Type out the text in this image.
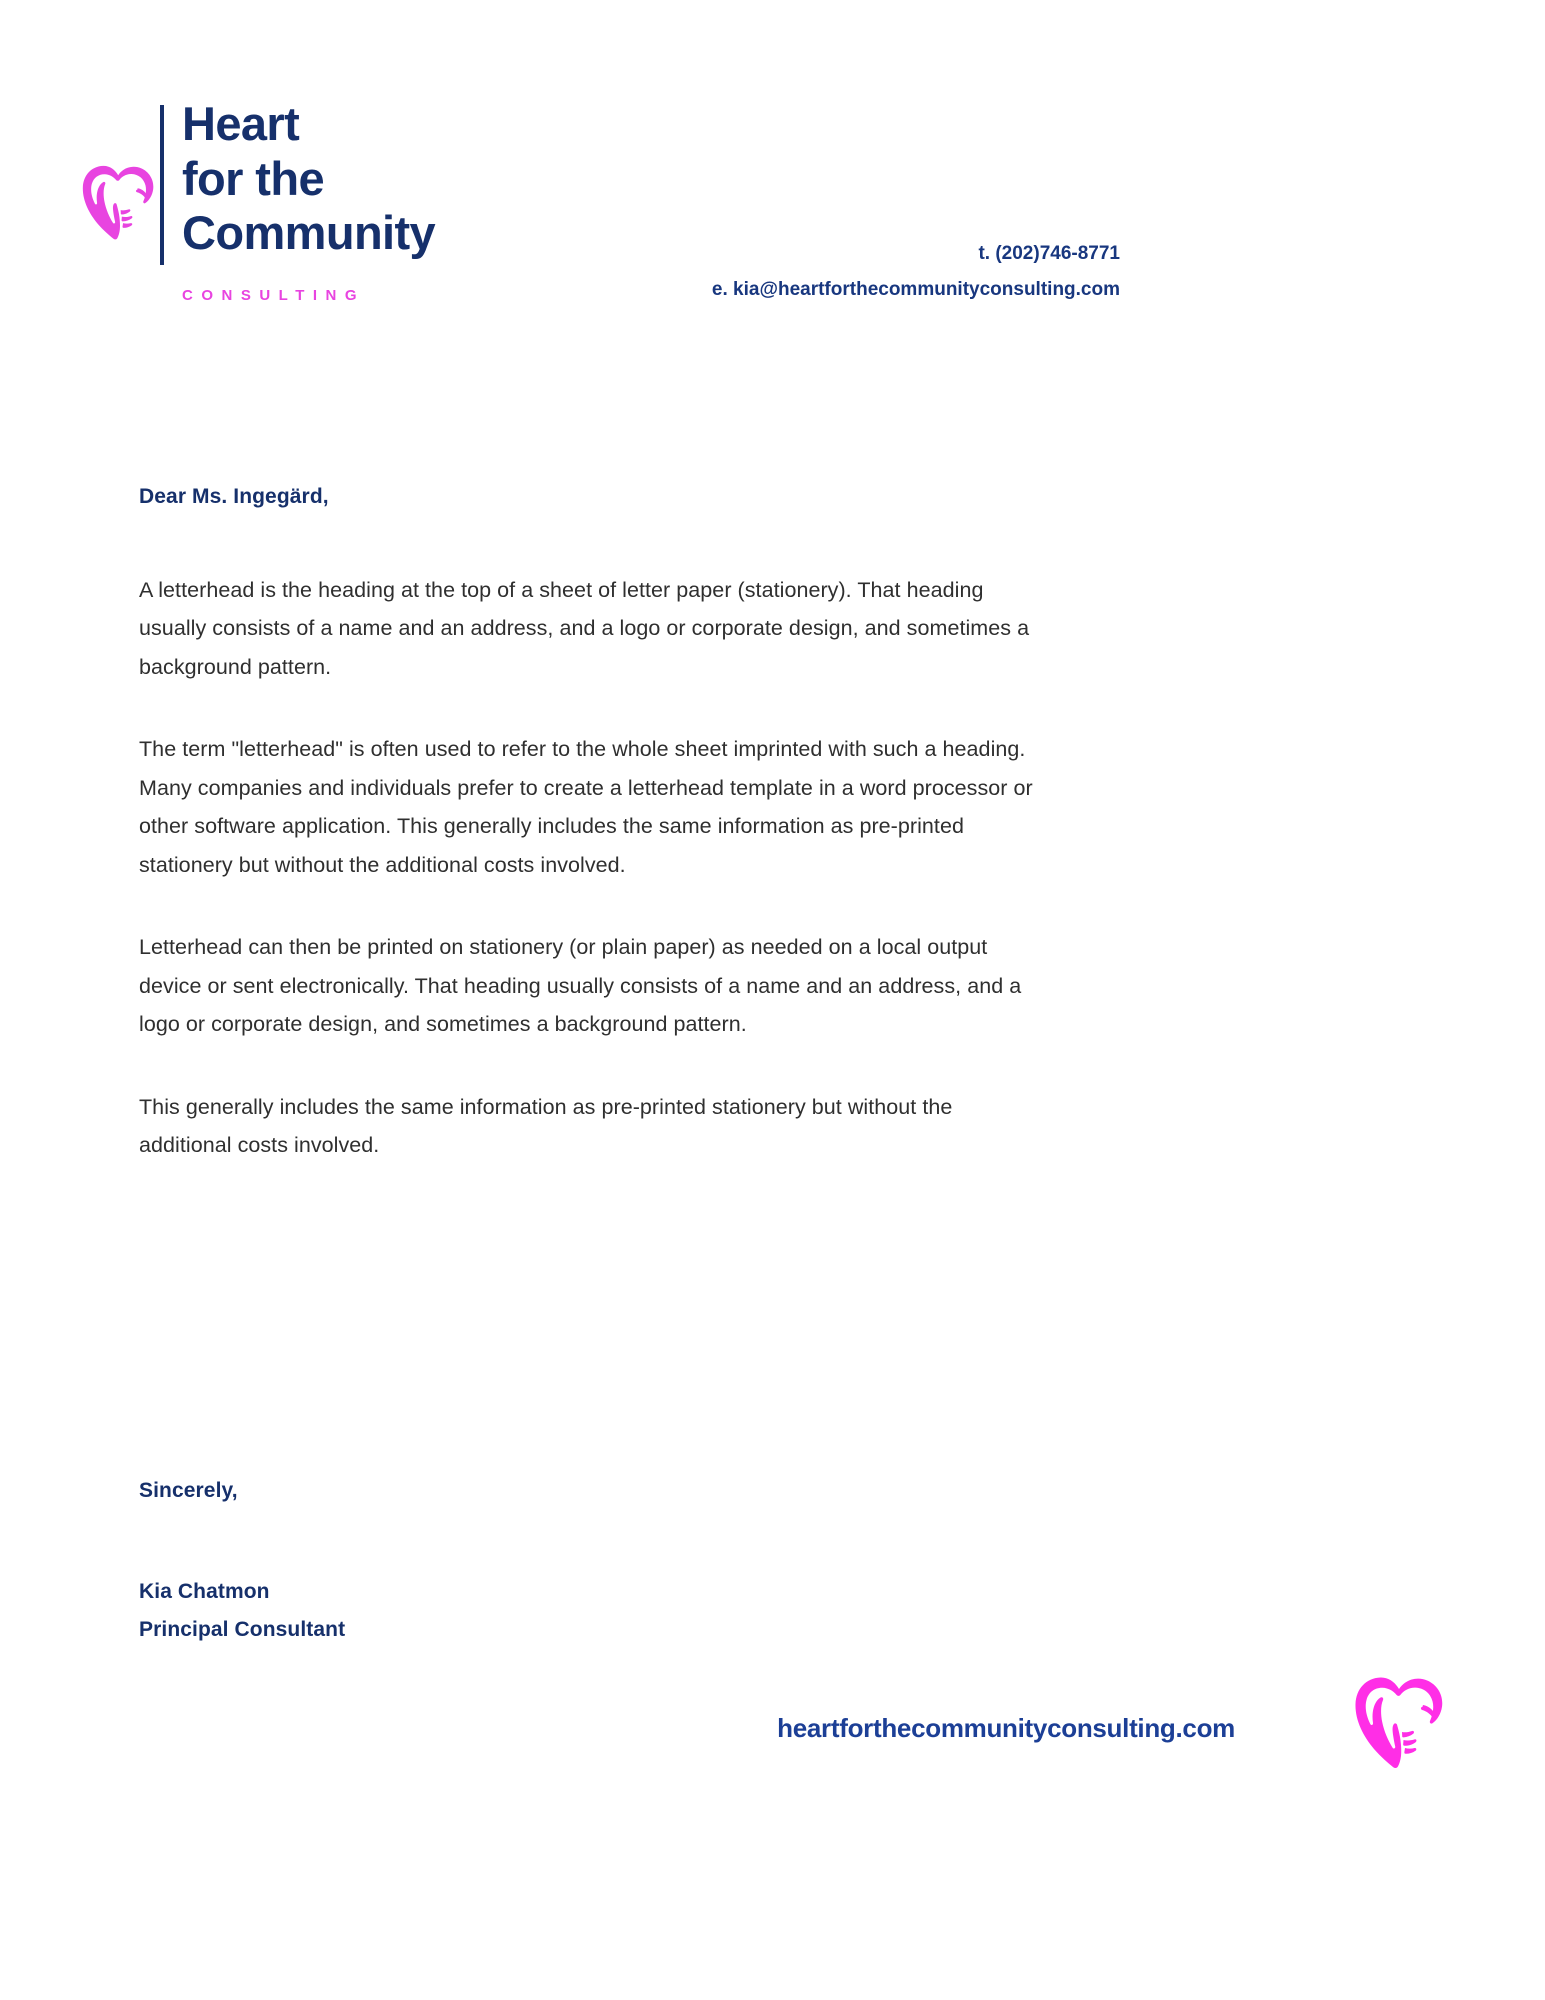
Heart
for the
Community
CONSULTING
t. (202)746-8771
e. kia@heartforthecommunityconsulting.com

Dear Ms. Ingegärd,

A letterhead is the heading at the top of a sheet of letter paper (stationery). That heading usually consists of a name and an address, and a logo or corporate design, and sometimes a background pattern.

The term "letterhead" is often used to refer to the whole sheet imprinted with such a heading. Many companies and individuals prefer to create a letterhead template in a word processor or other software application. This generally includes the same information as pre-printed stationery but without the additional costs involved.

Letterhead can then be printed on stationery (or plain paper) as needed on a local output device or sent electronically. That heading usually consists of a name and an address, and a logo or corporate design, and sometimes a background pattern.

This generally includes the same information as pre-printed stationery but without the additional costs involved.

Sincerely,
Kia Chatmon
Principal Consultant
heartforthecommunityconsulting.com
